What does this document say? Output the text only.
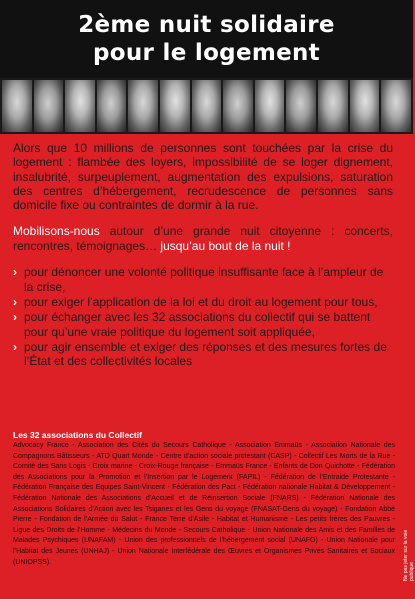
2ème nuit solidaire
pour le logement

Alors que 10 millions de personnes sont touchées par la crise du logement : flambée des loyers, impossibilité de se loger dignement, insalubrité, surpeuplement, augmentation des expulsions, saturation des centres d’hébergement, recrudescence de personnes sans domicile fixe ou contraintes de dormir à la rue.

Mobilisons-nous autour d’une grande nuit citoyenne : concerts, rencontres, témoignages… jusqu’au bout de la nuit !

› pour dénoncer une volonté politique insuffisante face à l’ampleur de la crise,
› pour exiger l’application de la loi et du droit au logement pour tous,
› pour échanger avec les 32 associations du collectif qui se battent pour qu’une vraie politique du logement soit appliquée,
› pour agir ensemble et exiger des réponses et des mesures fortes de l’État et des collectivités locales
Les 32 associations du Collectif

Advocacy France - Association des Cités du Secours Catholique - Association Emmaüs - Association Nationale des Compagnons Bâtisseurs - ATD Quart Monde - Centre d’action sociale protestant (CASP) - Collectif Les Morts de la Rue - Comité des Sans Logis - Croix marine - Croix-Rouge française - Emmaüs France - Enfants de Don Quichotte - Fédération des Associations pour la Promotion et l’Insertion par le Logement (FAPIL) - Fédération de l’Entraide Protestante - Fédération Française des Equipes Saint-Vincent - Fédération des Pact - Fédération nationale Habitat & Développement - Fédération Nationale des Associations d’Accueil et de Réinsertion Sociale (FNARS) - Fédération Nationale des Associations Solidaires d’Action avec les Tsiganes et les Gens du voyage (FNASAT-Gens du voyage) - Fondation Abbé Pierre - Fondation de l’Armée du Salut - France Terre d’Asile - Habitat et Humanisme - Les petits frères des Pauvres - Ligue des Droits de l’Homme - Médecins du Monde - Secours Catholique - Union Nationale des Amis et des Familles de Malades Psychiques (UNAFAM) - Union des professionnels de l’hébergement social (UNAFO) - Union Nationale pour l’Habitat des Jeunes (UNHAJ) - Union Nationale Interfédérale des Œuvres et Organismes Privés Sanitaires et Sociaux (UNIOPSS).	Ne pas jeter sur la voie publique
